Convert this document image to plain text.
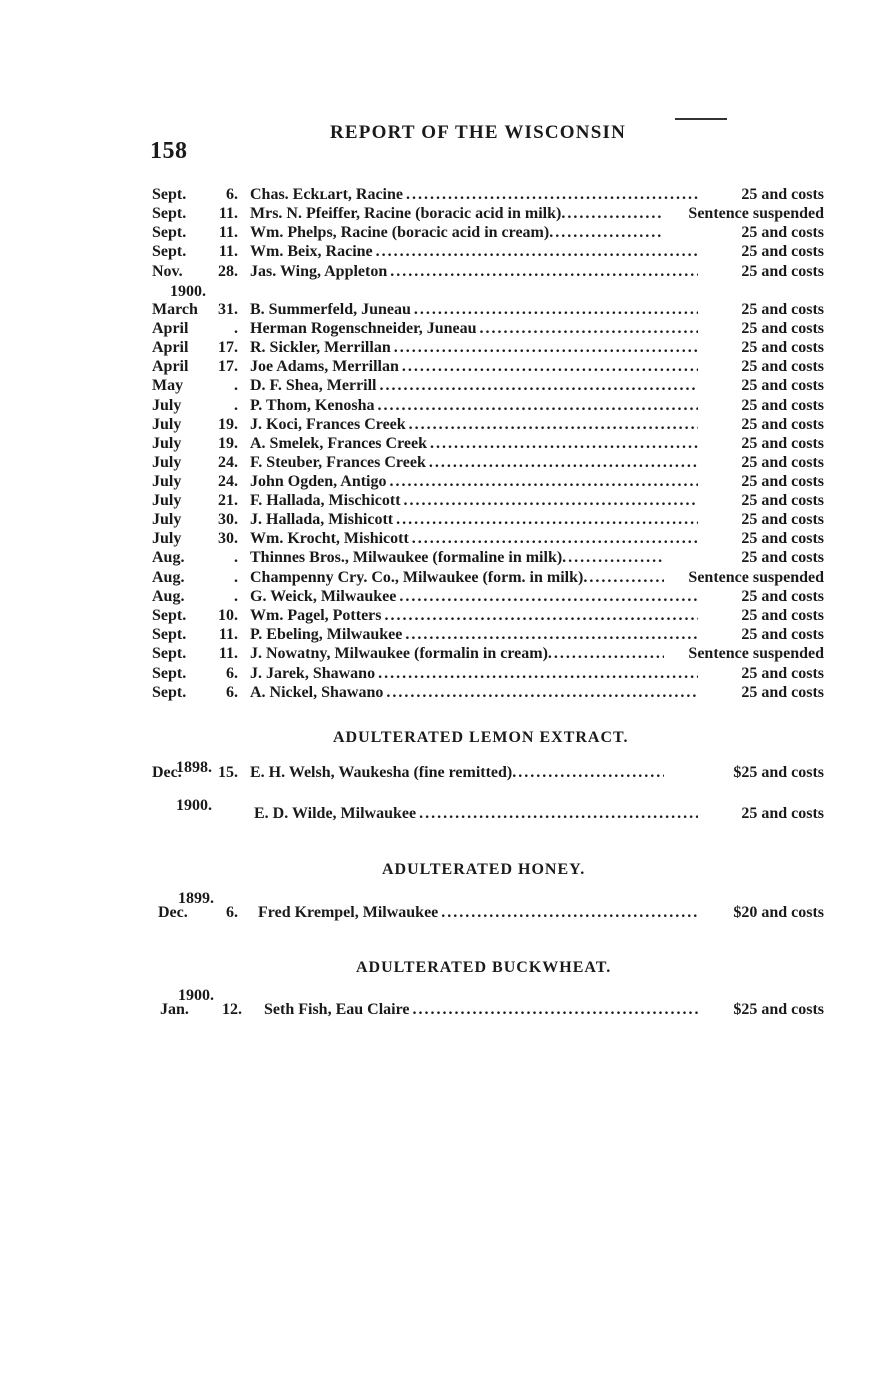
158
REPORT OF THE WISCONSIN
Sept.	6. Chas. Eckʟart, Racine . . .	25 and costs
Sept.	11. Mrs. N. Pfeiffer, Racine (boracic acid in milk) . . .	Sentence suspended
Sept.	11. Wm. Phelps, Racine (boracic acid in cream) . . .	25 and costs
Sept.	11. Wm. Beix, Racine . . .	25 and costs
Nov.	28. Jas. Wing, Appleton . . .	25 and costs
March	31. B. Summerfeld, Juneau . . .	25 and costs
April	. Herman Rogenschneider, Juneau . . .	25 and costs
April	17. R. Sickler, Merrillan . . .	25 and costs
April	17. Joe Adams, Merrillan . . .	25 and costs
May	. D. F. Shea, Merrill . . .	25 and costs
July	. P. Thom, Kenosha . . .	25 and costs
July	19. J. Koci, Frances Creek . . .	25 and costs
July	19. A. Smelek, Frances Creek . . .	25 and costs
July	24. F. Steuber, Frances Creek . . .	25 and costs
July	24. John Ogden, Antigo . . .	25 and costs
July	21. F. Hallada, Mischicott . . .	25 and costs
July	30. J. Hallada, Mishicott . . .	25 and costs
July	30. Wm. Krocht, Mishicott . . .	25 and costs
Aug.	. Thinnes Bros., Milwaukee (formaline in milk) . . .	25 and costs
Aug.	. Champenny Cry. Co., Milwaukee (form. in milk) . . .	Sentence suspended
Aug.	. G. Weick, Milwaukee . . .	25 and costs
Sept.	10. Wm. Pagel, Potters . . .	25 and costs
Sept.	11. P. Ebeling, Milwaukee . . .	25 and costs
Sept.	11. J. Nowatny, Milwaukee (formalin in cream) . . .	Sentence suspended
Sept.	6. J. Jarek, Shawano . . .	25 and costs
Sept.	6. A. Nickel, Shawano . . .	25 and costs
1900.
ADULTERATED LEMON EXTRACT.
1898.
Dec.	15. E. H. Welsh, Waukesha (fine remitted) . . .	$25 and costs
1900.	E. D. Wilde, Milwaukee . . .	25 and costs
ADULTERATED HONEY.
1899.
Dec.	6. Fred Krempel, Milwaukee . . .	$20 and costs
ADULTERATED BUCKWHEAT.
1900.
Jan.	12. Seth Fish, Eau Claire . . .	$25 and costs
